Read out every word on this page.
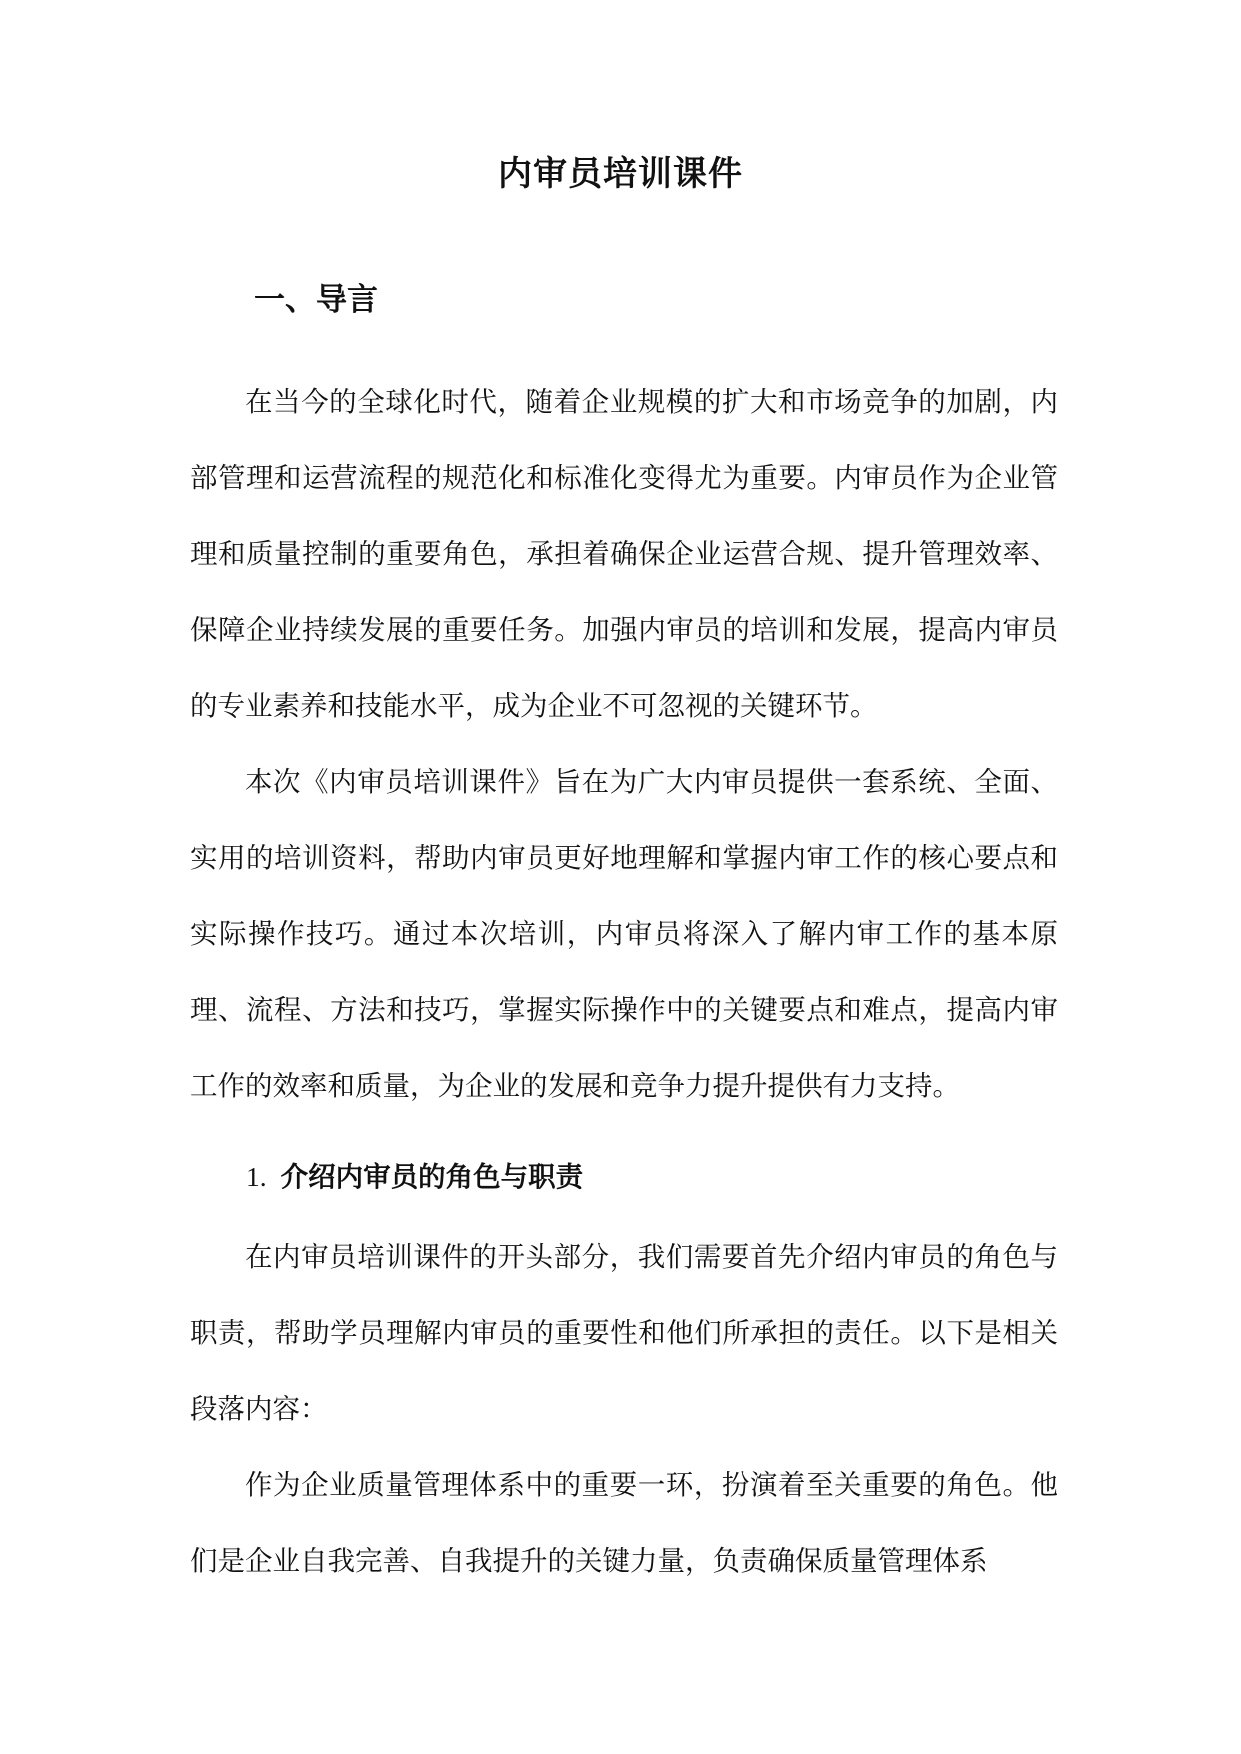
内审员培训课件
一、导言

在当今的全球化时代，随着企业规模的扩大和市场竞争的加剧，内部管理和运营流程的规范化和标准化变得尤为重要。内审员作为企业管理和质量控制的重要角色，承担着确保企业运营合规、提升管理效率、保障企业持续发展的重要任务。加强内审员的培训和发展，提高内审员的专业素养和技能水平，成为企业不可忽视的关键环节。

本次《内审员培训课件》旨在为广大内审员提供一套系统、全面、实用的培训资料，帮助内审员更好地理解和掌握内审工作的核心要点和实际操作技巧。通过本次培训，内审员将深入了解内审工作的基本原理、流程、方法和技巧，掌握实际操作中的关键要点和难点，提高内审工作的效率和质量，为企业的发展和竞争力提升提供有力支持。

1. 介绍内审员的角色与职责

在内审员培训课件的开头部分，我们需要首先介绍内审员的角色与职责，帮助学员理解内审员的重要性和他们所承担的责任。以下是相关段落内容：

作为企业质量管理体系中的重要一环，扮演着至关重要的角色。他们是企业自我完善、自我提升的关键力量，负责确保质量管理体系
